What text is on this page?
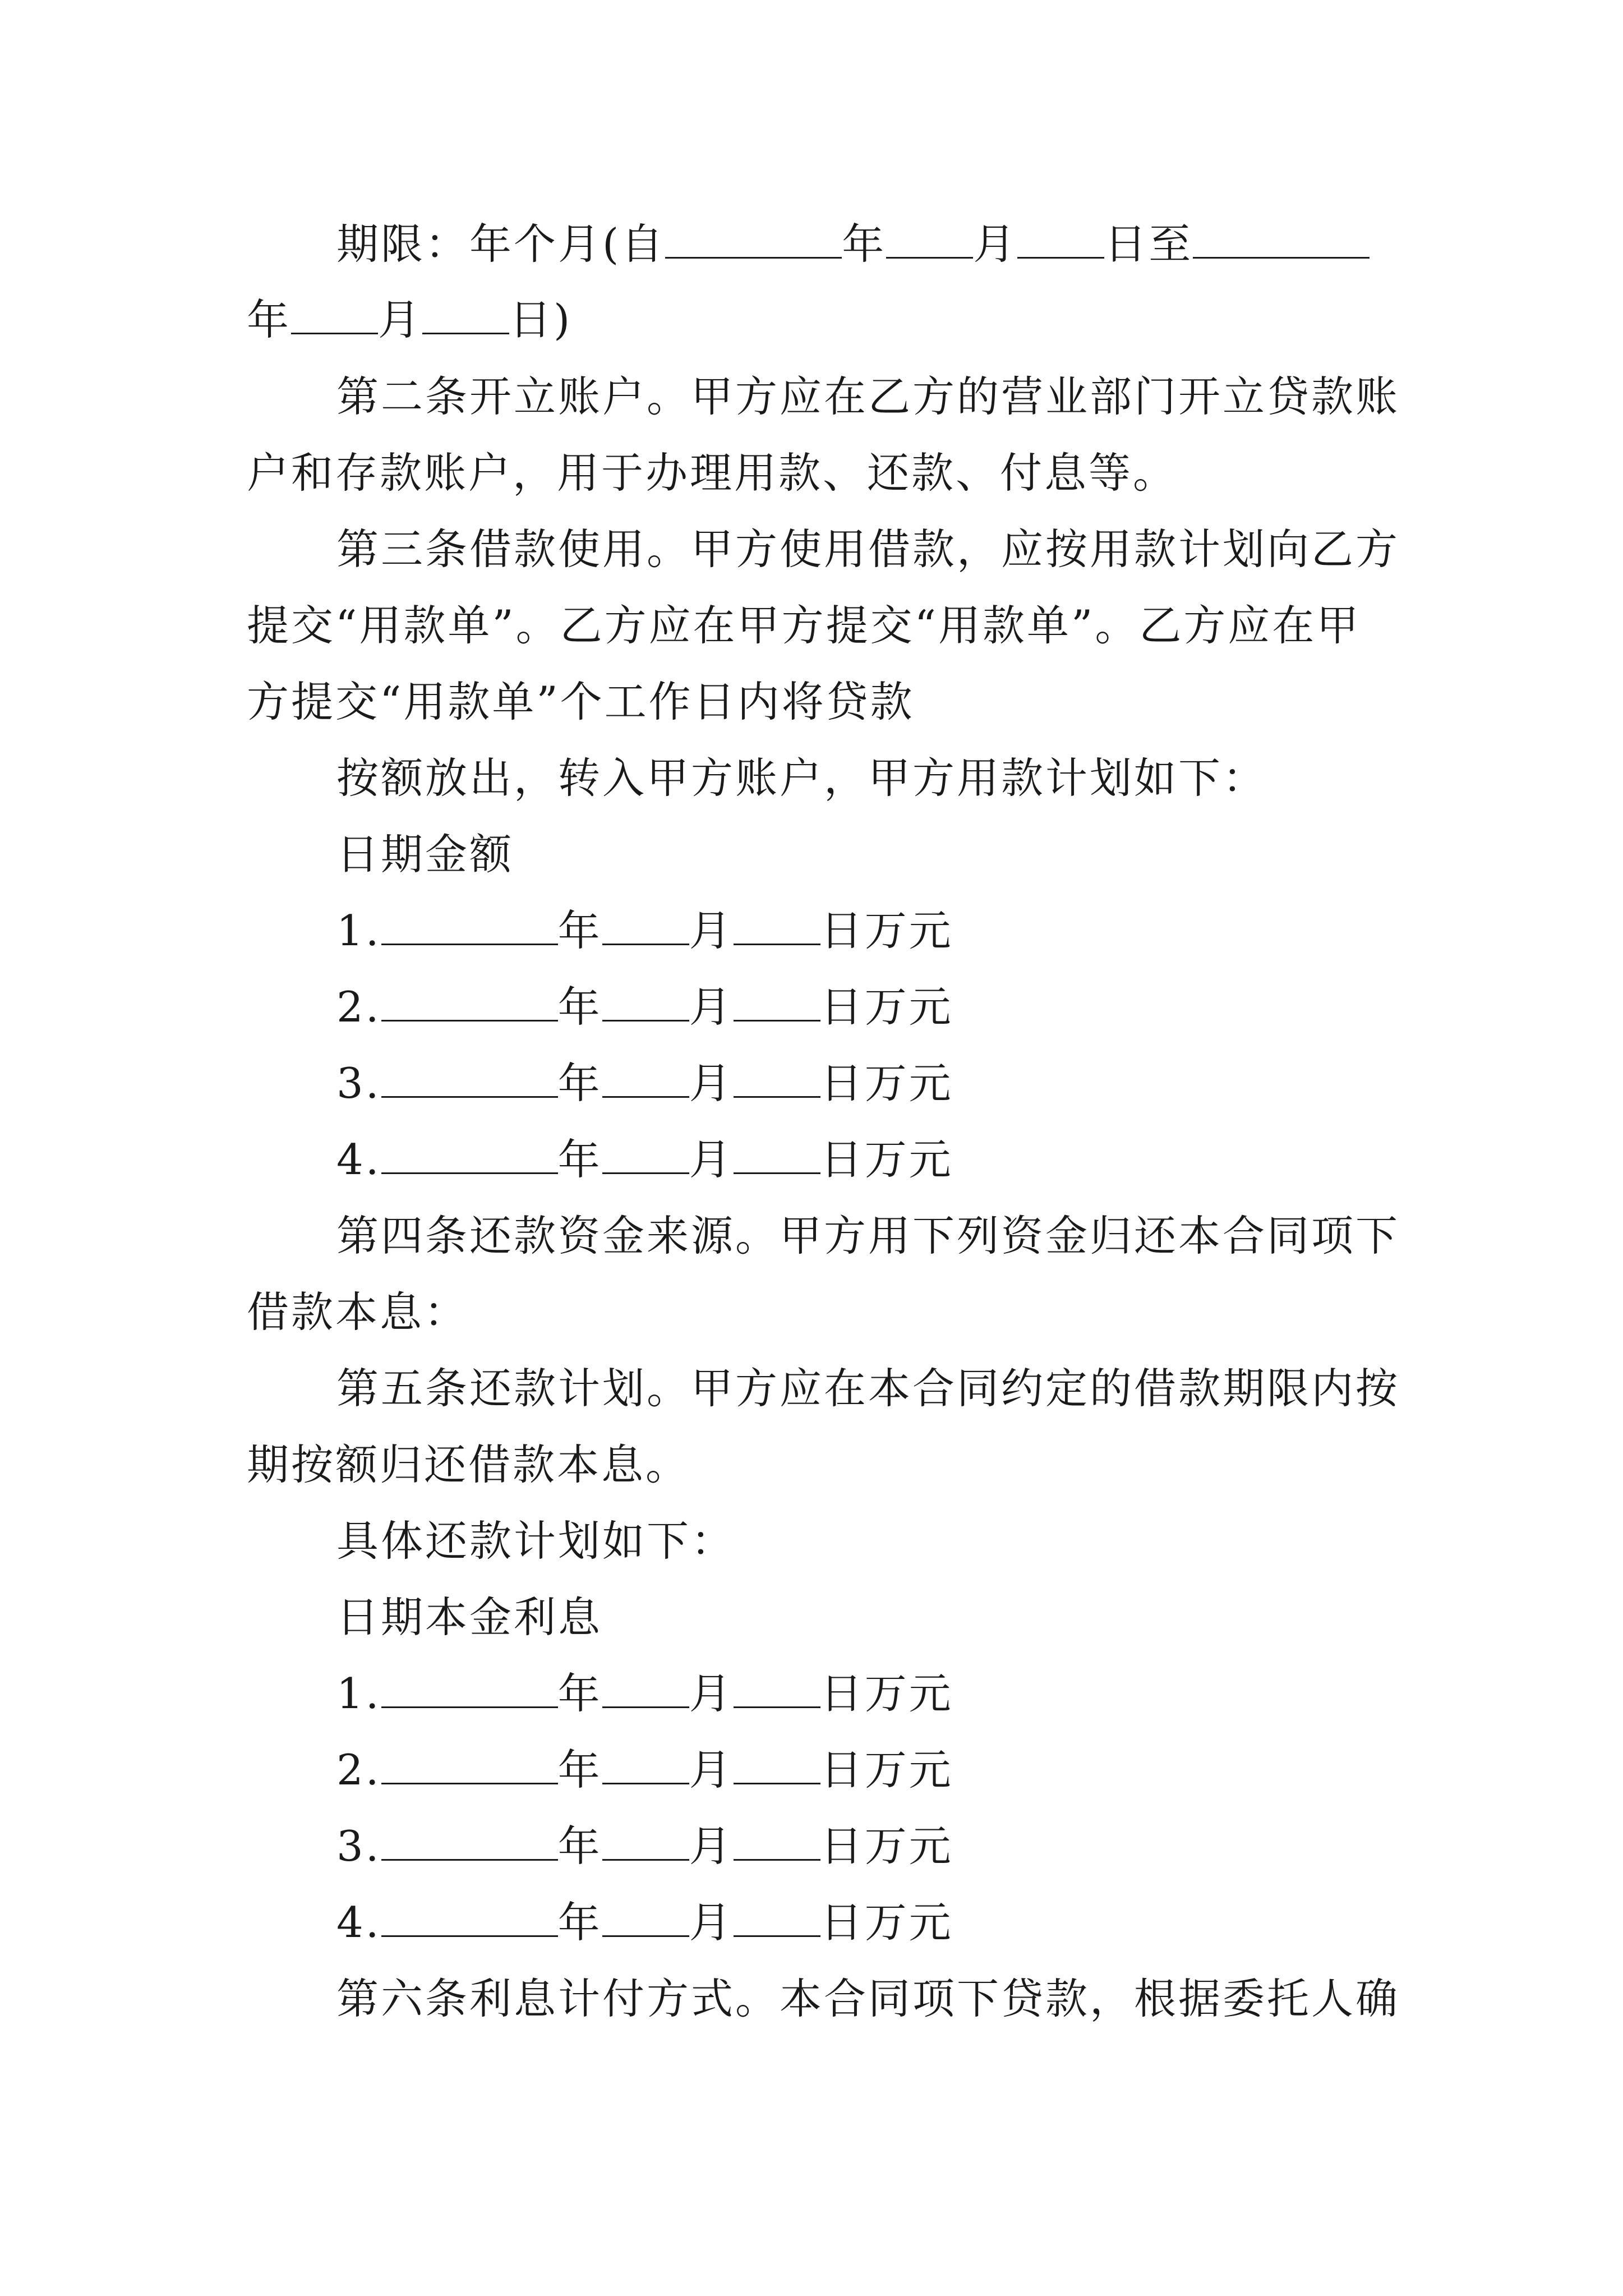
期限：年个月(自	年 月 日至
年 月 日)
第二条开立账户。甲方应在乙方的营业部门开立贷款账
户和存款账户，用于办理用款、还款、付息等。
第三条借款使用。甲方使用借款，应按用款计划向乙方
提交“用款单”。乙方应在甲方提交“用款单”。乙方应在甲
方提交“用款单”个工作日内将贷款
按额放出，转入甲方账户，甲方用款计划如下：
日期金额
1.	年 月 日万元
2.	年 月 日万元
3.	年 月 日万元
4.	年 月 日万元
第四条还款资金来源。甲方用下列资金归还本合同项下
借款本息：
第五条还款计划。甲方应在本合同约定的借款期限内按
期按额归还借款本息。
具体还款计划如下：
日期本金利息
1.	年 月 日万元
2.	年 月 日万元
3.	年 月 日万元
4.	年 月 日万元
第六条利息计付方式。本合同项下贷款，根据委托人确
